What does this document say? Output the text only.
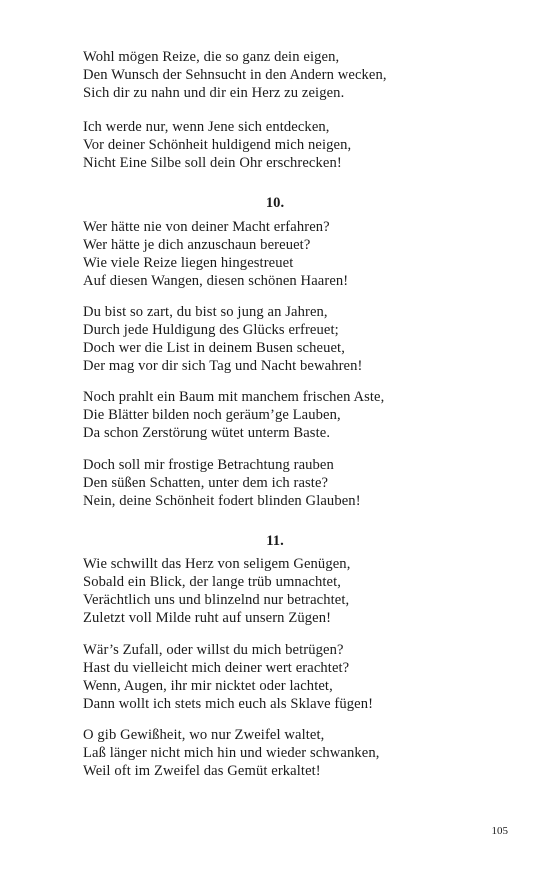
Wohl mögen Reize, die so ganz dein eigen,
Den Wunsch der Sehnsucht in den Andern wecken,
Sich dir zu nahn und dir ein Herz zu zeigen.
Ich werde nur, wenn Jene sich entdecken,
Vor deiner Schönheit huldigend mich neigen,
Nicht Eine Silbe soll dein Ohr erschrecken!
10.
Wer hätte nie von deiner Macht erfahren?
Wer hätte je dich anzuschaun bereuet?
Wie viele Reize liegen hingestreuet
Auf diesen Wangen, diesen schönen Haaren!
Du bist so zart, du bist so jung an Jahren,
Durch jede Huldigung des Glücks erfreuet;
Doch wer die List in deinem Busen scheuet,
Der mag vor dir sich Tag und Nacht bewahren!
Noch prahlt ein Baum mit manchem frischen Aste,
Die Blätter bilden noch geräum’ge Lauben,
Da schon Zerstörung wütet unterm Baste.
Doch soll mir frostige Betrachtung rauben
Den süßen Schatten, unter dem ich raste?
Nein, deine Schönheit fodert blinden Glauben!
11.
Wie schwillt das Herz von seligem Genügen,
Sobald ein Blick, der lange trüb umnachtet,
Verächtlich uns und blinzelnd nur betrachtet,
Zuletzt voll Milde ruht auf unsern Zügen!
Wär’s Zufall, oder willst du mich betrügen?
Hast du vielleicht mich deiner wert erachtet?
Wenn, Augen, ihr mir nicktet oder lachtet,
Dann wollt ich stets mich euch als Sklave fügen!
O gib Gewißheit, wo nur Zweifel waltet,
Laß länger nicht mich hin und wieder schwanken,
Weil oft im Zweifel das Gemüt erkaltet!
105
